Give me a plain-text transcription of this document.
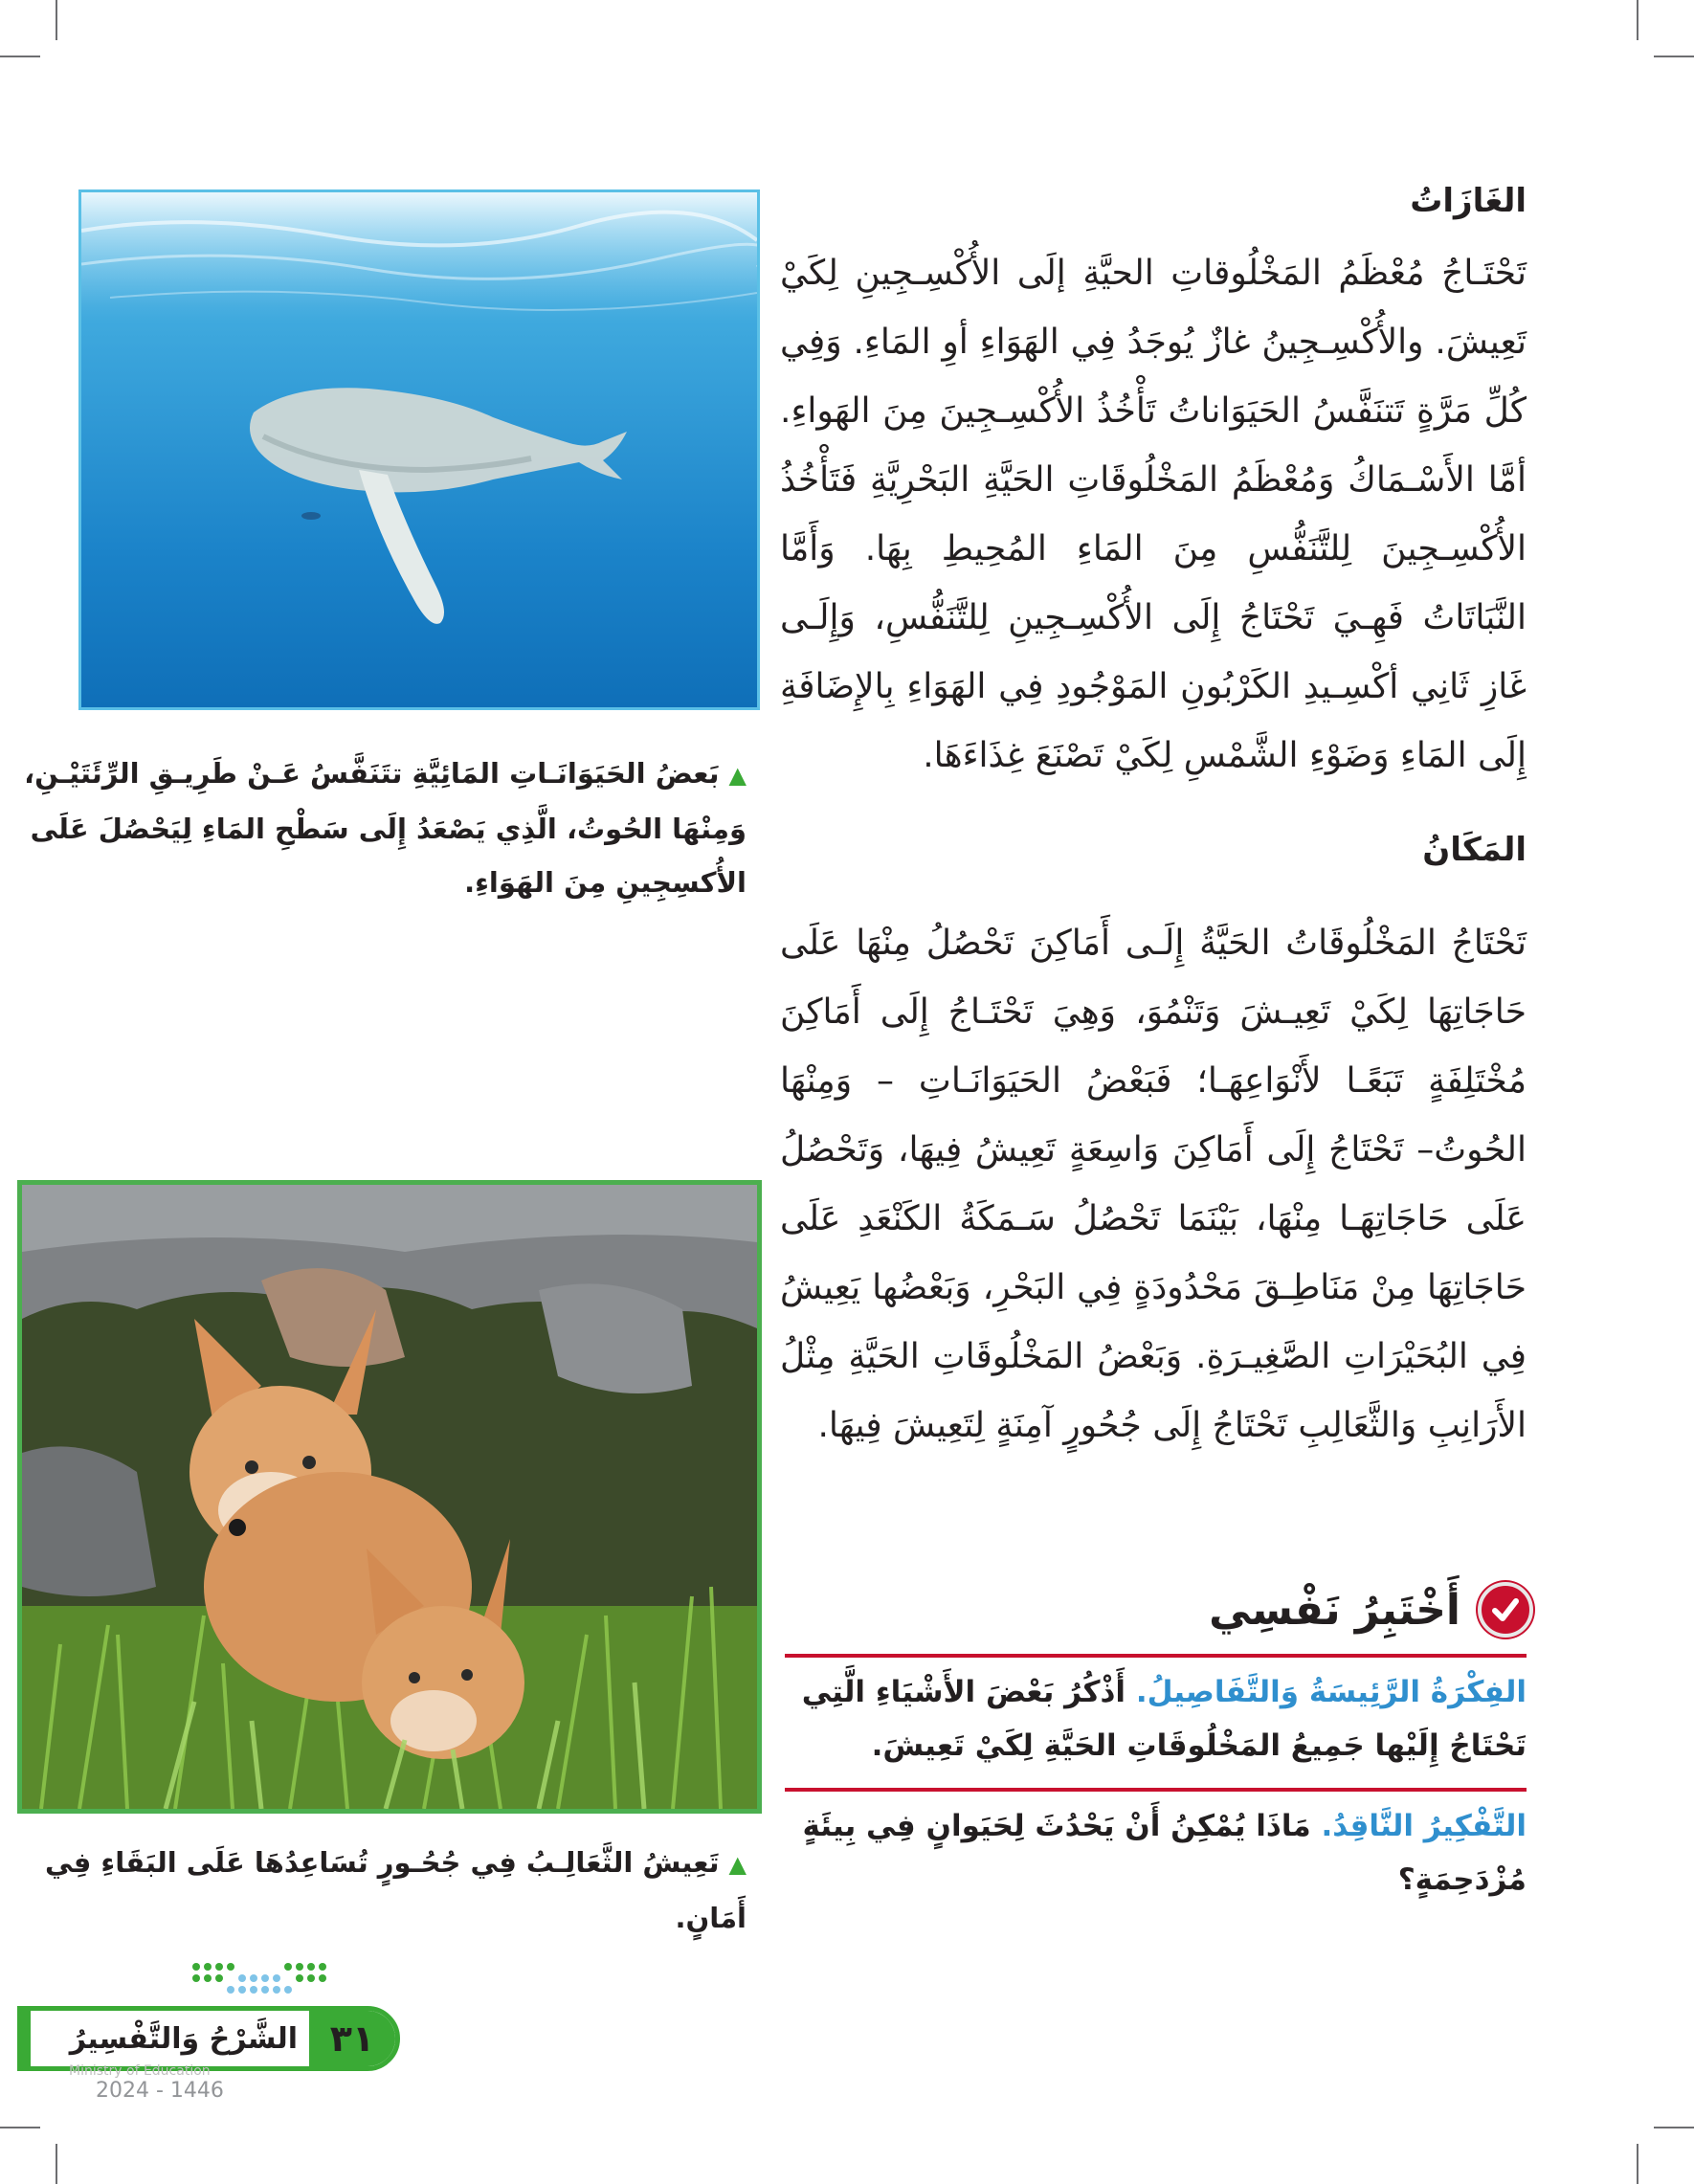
الغَازَاتُ
تَحْتَـاجُ مُعْظَمُ المَخْلُوقاتِ الحيَّةِ إلَى الأُكْسِـجِينِ لِكَيْ تَعِيشَ. والأُكْسِـجِينُ غازٌ يُوجَدُ فِي الهَوَاءِ أوِ المَاءِ. وَفِي كُلِّ مَرَّةٍ تَتنَفَّسُ الحَيَوَاناتُ تَأْخُذُ الأُكْسِـجِينَ مِنَ الهَواءِ. أمَّا الأَسْـمَاكُ وَمُعْظَمُ المَخْلُوقَاتِ الحَيَّةِ البَحْرِيَّةِ فَتَأْخُذُ الأُكْسِـجِينَ لِلتَّنَفُّسِ مِنَ المَاءِ المُحِيطِ بِهَا. وَأَمَّا النَّبَاتَاتُ فَهِـيَ تَحْتَاجُ إِلَى الأُكْسِـجِينِ لِلتَّنَفُّسِ، وَإِلَـى غَازِ ثَانِي أكْسِـيدِ الكَرْبُونِ المَوْجُودِ فِي الهَوَاءِ بِالإِضَافَةِ إِلَى المَاءِ وَضَوْءِ الشَّمْسِ لِكَيْ تَصْنَعَ غِذَاءَهَا.
المَكَانُ
تَحْتَاجُ المَخْلُوقَاتُ الحَيَّةُ إِلَـى أَمَاكِنَ تَحْصُلُ مِنْهَا عَلَى حَاجَاتِهَا لِكَيْ تَعِيـشَ وَتَنْمُوَ، وَهِيَ تَحْتَـاجُ إِلَى أَمَاكِنَ مُخْتَلِفَةٍ تَبَعًـا لأَنْوَاعِهَـا؛ فَبَعْضُ الحَيَوَانَـاتِ – وَمِنْهَا الحُوتُ– تَحْتَاجُ إِلَى أَمَاكِنَ وَاسِعَةٍ تَعِيشُ فِيهَا، وَتَحْصُلُ عَلَى حَاجَاتِهَـا مِنْهَا، بَيْنَمَا تَحْصُلُ سَـمَكَةُ الكَنْعَدِ عَلَى حَاجَاتِهَا مِنْ مَنَاطِـقَ مَحْدُودَةٍ فِي البَحْرِ، وَبَعْضُها يَعِيشُ فِي البُحَيْرَاتِ الصَّغِيـرَةِ. وَبَعْضُ المَخْلُوقَاتِ الحَيَّةِ مِثْلُ الأَرَانِبِ وَالثَّعَالِبِ تَحْتَاجُ إِلَى جُحُورٍ آمِنَةٍ لِتَعِيشَ فِيهَا.
▲بَعضُ الحَيَوَانَـاتِ المَائِيَّةِ تتَنَفَّسُ عَـنْ طَرِيـقِ الرِّئَتَيْـنِ، وَمِنْهَا الحُوتُ، الَّذِي يَصْعَدُ إِلَى سَطْحِ المَاءِ لِيَحْصُلَ عَلَى الأُكسِجِينِ مِنَ الهَوَاءِ.
▲تَعِيشُ الثَّعَالِـبُ فِي جُحُـورٍ تُسَاعِدُهَا عَلَى البَقَاءِ فِي أَمَانٍ.
أَخْتَبِرُ نَفْسِي
الفِكْرَةُ الرَّئِيسَةُ وَالتَّفَاصِيلُ. أَذْكُرُ بَعْضَ الأَشْيَاءِ الَّتِي تَحْتَاجُ إِلَيْها جَمِيعُ المَخْلُوقَاتِ الحَيَّةِ لِكَيْ تَعِيشَ.
التَّفْكِيرُ النَّاقِدُ. مَاذَا يُمْكِنُ أَنْ يَحْدُثَ لِحَيَوانٍ فِي بِيئَةٍ مُزْدَحِمَةٍ؟
الشَّرْحُ وَالتَّفْسِيرُ ٣١
Ministry of Education
2024 - 1446
